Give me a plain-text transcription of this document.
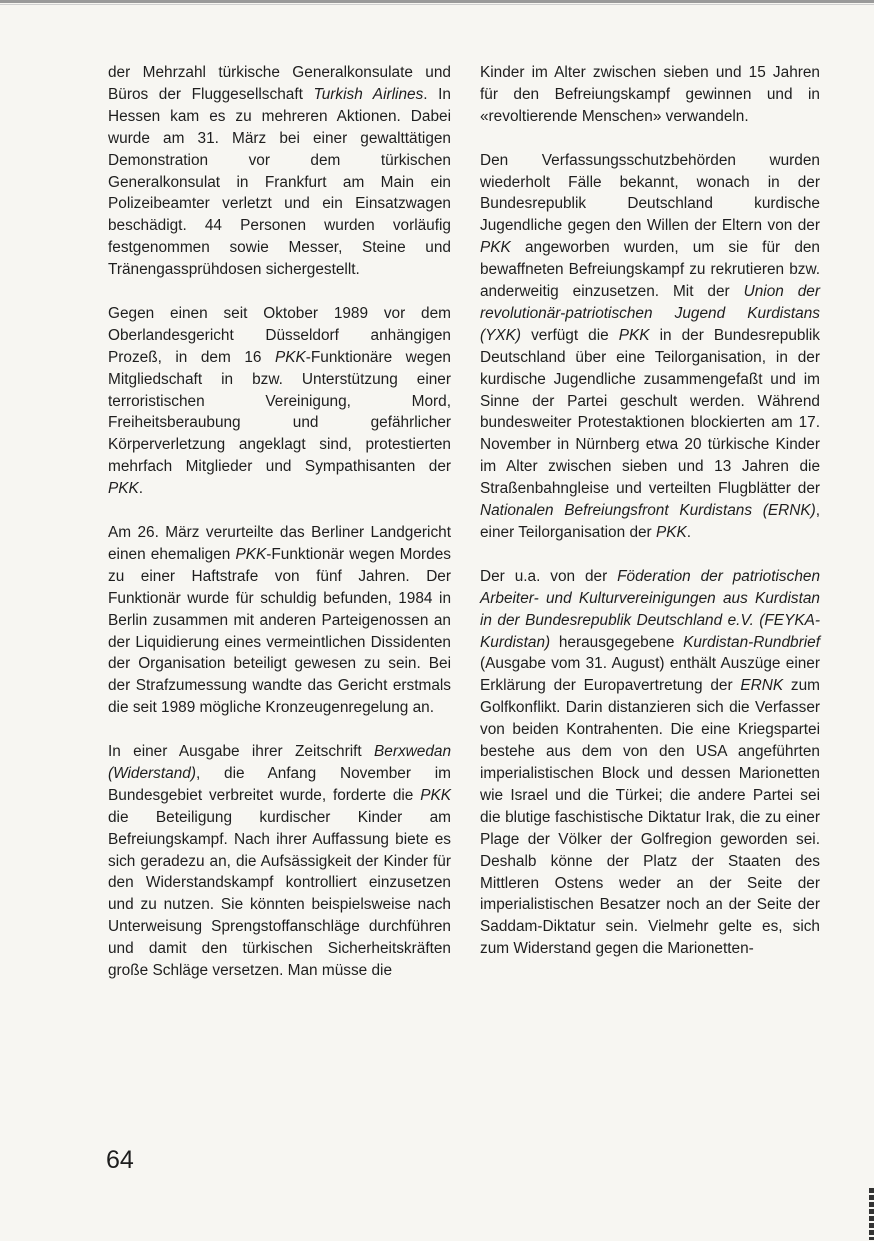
der Mehrzahl türkische Generalkonsulate und Büros der Fluggesellschaft Turkish Airlines. In Hessen kam es zu mehreren Aktionen. Dabei wurde am 31. März bei einer gewalttätigen Demonstration vor dem türkischen Generalkonsulat in Frankfurt am Main ein Polizeibeamter verletzt und ein Einsatzwagen beschädigt. 44 Personen wurden vorläufig festgenommen sowie Messer, Steine und Tränengassprühdosen sichergestellt.

Gegen einen seit Oktober 1989 vor dem Oberlandesgericht Düsseldorf anhängigen Prozeß, in dem 16 PKK-Funktionäre wegen Mitgliedschaft in bzw. Unterstützung einer terroristischen Vereinigung, Mord, Freiheitsberaubung und gefährlicher Körperverletzung angeklagt sind, protestierten mehrfach Mitglieder und Sympathisanten der PKK.

Am 26. März verurteilte das Berliner Landgericht einen ehemaligen PKK-Funktionär wegen Mordes zu einer Haftstrafe von fünf Jahren. Der Funktionär wurde für schuldig befunden, 1984 in Berlin zusammen mit anderen Parteigenossen an der Liquidierung eines vermeintlichen Dissidenten der Organisation beteiligt gewesen zu sein. Bei der Strafzumessung wandte das Gericht erstmals die seit 1989 mögliche Kronzeugenregelung an.

In einer Ausgabe ihrer Zeitschrift Berxwedan (Widerstand), die Anfang November im Bundesgebiet verbreitet wurde, forderte die PKK die Beteiligung kurdischer Kinder am Befreiungskampf. Nach ihrer Auffassung biete es sich geradezu an, die Aufsässigkeit der Kinder für den Widerstandskampf kontrolliert einzusetzen und zu nutzen. Sie könnten beispielsweise nach Unterweisung Sprengstoffanschläge durchführen und damit den türkischen Sicherheitskräften große Schläge versetzen. Man müsse die

Kinder im Alter zwischen sieben und 15 Jahren für den Befreiungskampf gewinnen und in «revoltierende Menschen» verwandeln.

Den Verfassungsschutzbehörden wurden wiederholt Fälle bekannt, wonach in der Bundesrepublik Deutschland kurdische Jugendliche gegen den Willen der Eltern von der PKK angeworben wurden, um sie für den bewaffneten Befreiungskampf zu rekrutieren bzw. anderweitig einzusetzen. Mit der Union der revolutionär-patriotischen Jugend Kurdistans (YXK) verfügt die PKK in der Bundesrepublik Deutschland über eine Teilorganisation, in der kurdische Jugendliche zusammengefaßt und im Sinne der Partei geschult werden. Während bundesweiter Protestaktionen blockierten am 17. November in Nürnberg etwa 20 türkische Kinder im Alter zwischen sieben und 13 Jahren die Straßenbahngleise und verteilten Flugblätter der Nationalen Befreiungsfront Kurdistans (ERNK), einer Teilorganisation der PKK.

Der u.a. von der Föderation der patriotischen Arbeiter- und Kulturvereinigungen aus Kurdistan in der Bundesrepublik Deutschland e.V. (FEYKA-Kurdistan) herausgegebene Kurdistan-Rundbrief (Ausgabe vom 31. August) enthält Auszüge einer Erklärung der Europavertretung der ERNK zum Golfkonflikt. Darin distanzieren sich die Verfasser von beiden Kontrahenten. Die eine Kriegspartei bestehe aus dem von den USA angeführten imperialistischen Block und dessen Marionetten wie Israel und die Türkei; die andere Partei sei die blutige faschistische Diktatur Irak, die zu einer Plage der Völker der Golfregion geworden sei. Deshalb könne der Platz der Staaten des Mittleren Ostens weder an der Seite der imperialistischen Besatzer noch an der Seite der Saddam-Diktatur sein. Vielmehr gelte es, sich zum Widerstand gegen die Marionetten-

64
